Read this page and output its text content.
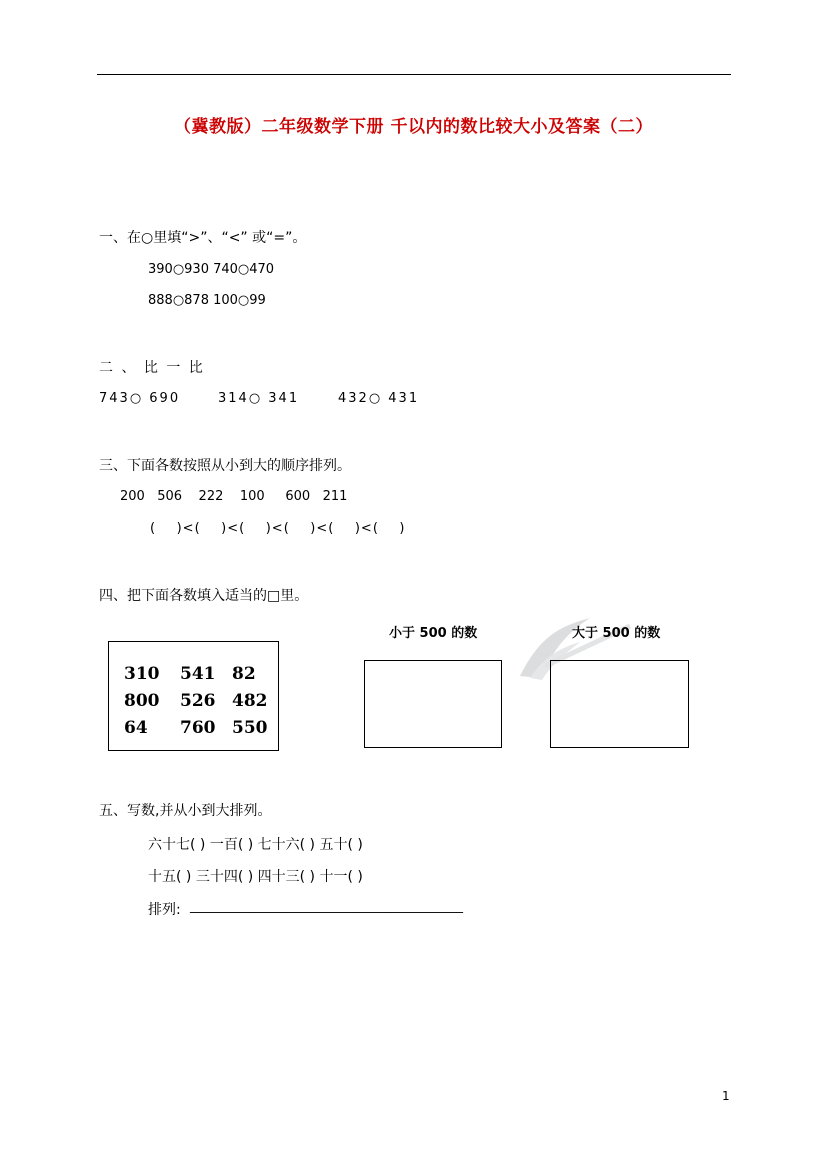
（冀教版）二年级数学下册 千以内的数比较大小及答案（二）
一、在○里填“>”、“<” 或“=”。
390○930 740○470
888○878 100○99
二 、 比 一 比
743○ 690	314○ 341	432○ 431
三、下面各数按照从小到大的顺序排列。
200   506    222    100     600   211
(    )<(    )<(    )<(    )<(    )<(    )
四、把下面各数填入适当的□里。
310 541 82
800 526 482
64 760 550
小于 500 的数	大于 500 的数
五、写数,并从小到大排列。
六十七( ) 一百( ) 七十六( ) 五十( )
十五( ) 三十四( ) 四十三( ) 十一( )
排列: __________________________________________
1
